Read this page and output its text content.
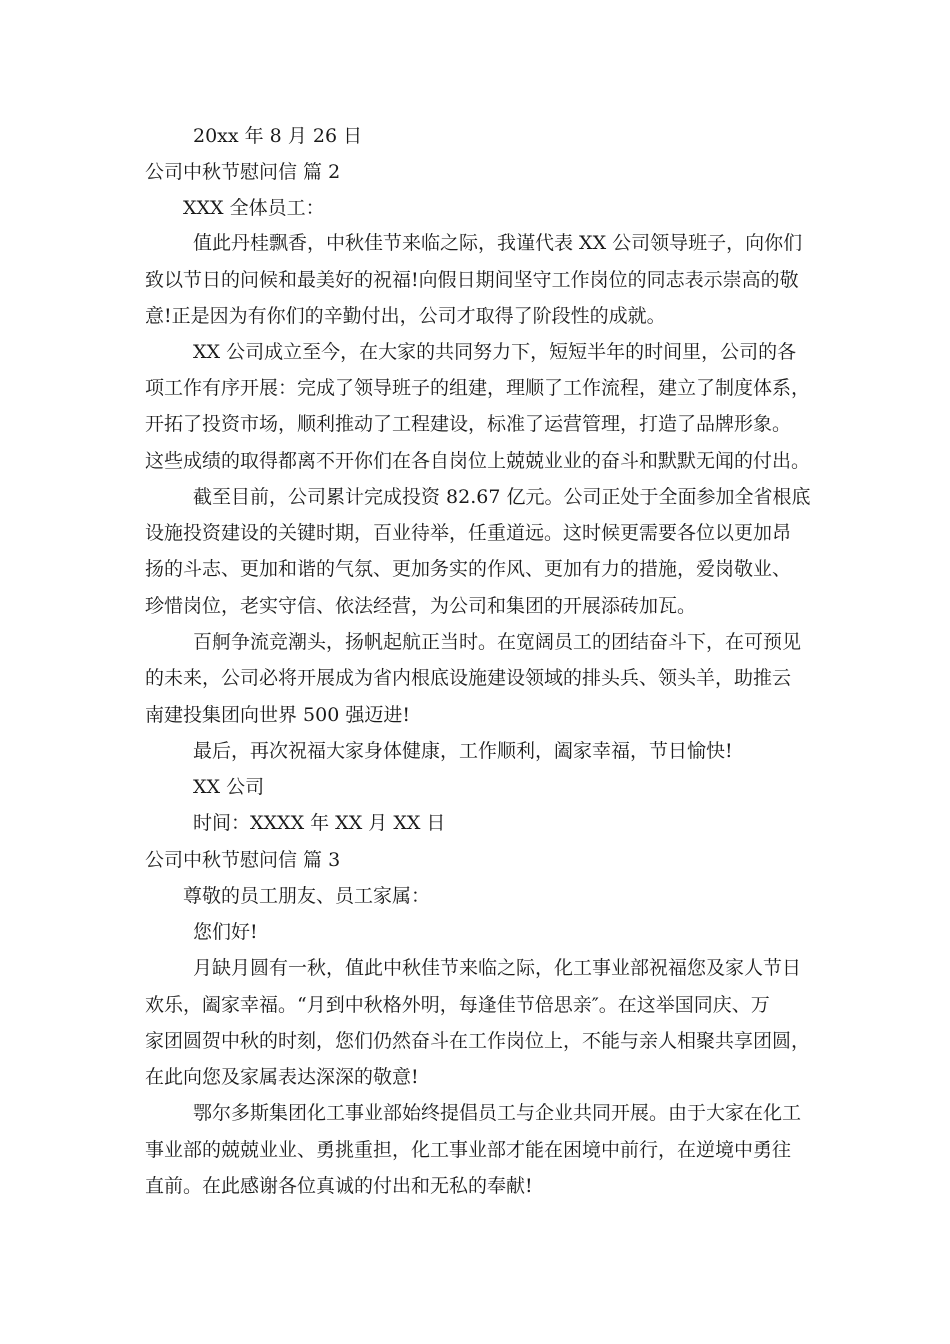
20xx 年 8 月 26 日
公司中秋节慰问信 篇 2
XXX 全体员工：
值此丹桂飘香，中秋佳节来临之际，我谨代表 XX 公司领导班子，向你们
致以节日的问候和最美好的祝福!向假日期间坚守工作岗位的同志表示崇高的敬
意!正是因为有你们的辛勤付出，公司才取得了阶段性的成就。
XX 公司成立至今，在大家的共同努力下，短短半年的时间里，公司的各
项工作有序开展：完成了领导班子的组建，理顺了工作流程，建立了制度体系，
开拓了投资市场，顺利推动了工程建设，标准了运营管理，打造了品牌形象。
这些成绩的取得都离不开你们在各自岗位上兢兢业业的奋斗和默默无闻的付出。
截至目前，公司累计完成投资 82.67 亿元。公司正处于全面参加全省根底
设施投资建设的关键时期，百业待举，任重道远。这时候更需要各位以更加昂
扬的斗志、更加和谐的气氛、更加务实的作风、更加有力的措施，爱岗敬业、
珍惜岗位，老实守信、依法经营，为公司和集团的开展添砖加瓦。
百舸争流竞潮头，扬帆起航正当时。在宽阔员工的团结奋斗下，在可预见
的未来，公司必将开展成为省内根底设施建设领域的排头兵、领头羊，助推云
南建投集团向世界 500 强迈进!
最后，再次祝福大家身体健康，工作顺利，阖家幸福，节日愉快!
XX 公司
时间：XXXX 年 XX 月 XX 日
公司中秋节慰问信 篇 3
尊敬的员工朋友、员工家属：
您们好!
月缺月圆有一秋，值此中秋佳节来临之际，化工事业部祝福您及家人节日
欢乐，阖家幸福。“月到中秋格外明，每逢佳节倍思亲″。在这举国同庆、万
家团圆贺中秋的时刻，您们仍然奋斗在工作岗位上，不能与亲人相聚共享团圆，
在此向您及家属表达深深的敬意!
鄂尔多斯集团化工事业部始终提倡员工与企业共同开展。由于大家在化工
事业部的兢兢业业、勇挑重担，化工事业部才能在困境中前行，在逆境中勇往
直前。在此感谢各位真诚的付出和无私的奉献!
